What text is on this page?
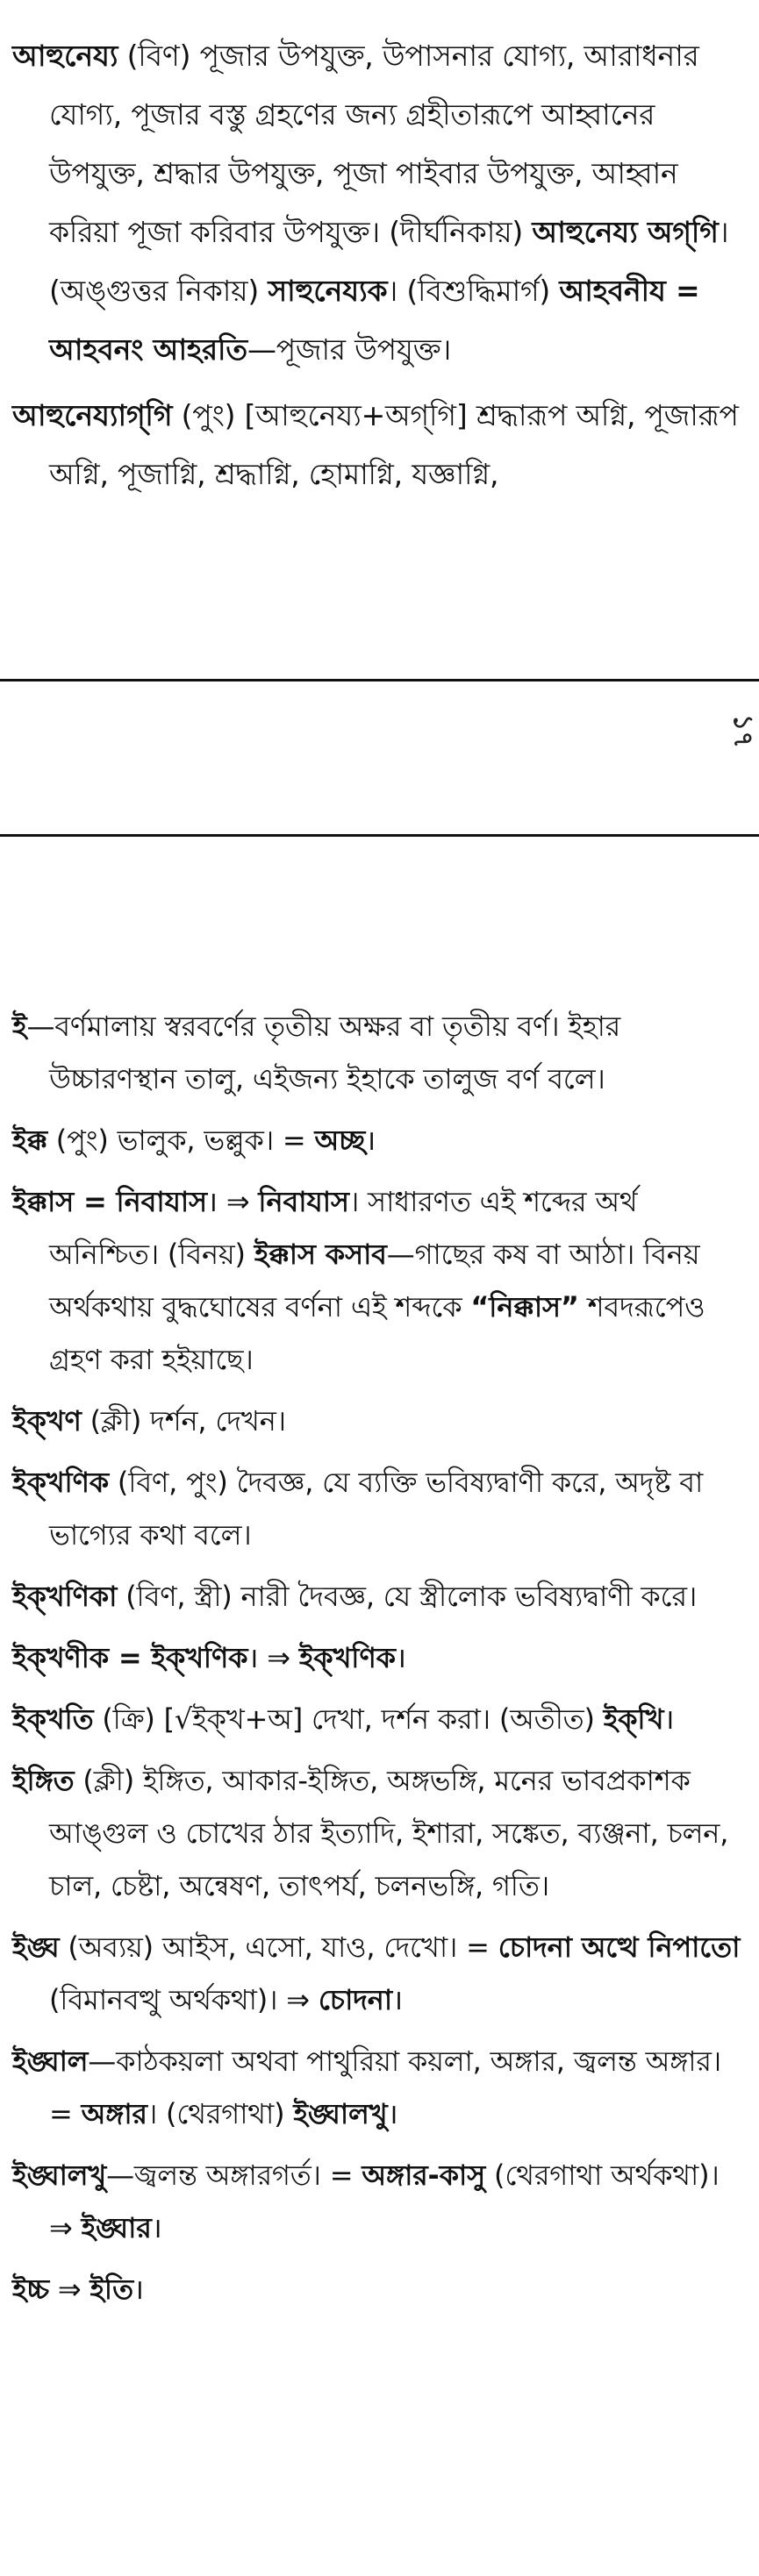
আহুনেয্য (বিণ) পূজার উপযুক্ত, উপাসনার যোগ্য, আরাধনার যোগ্য, পূজার বস্তু গ্রহণের জন্য গ্রহীতারূপে আহ্বানের উপযুক্ত, শ্রদ্ধার উপযুক্ত, পূজা পাইবার উপযুক্ত, আহ্বান করিয়া পূজা করিবার উপযুক্ত। (দীর্ঘনিকায়) আহুনেয্য অগ্‌গি। (অঙ্গুত্তর নিকায়) সাহুনেয্যক। (বিশুদ্ধিমার্গ) আহবনীয = আহবনং আহরতি—পূজার উপযুক্ত।
আহুনেয্যাগ্‌গি (পুং) [আহুনেয্য+অগ্‌গি] শ্রদ্ধারূপ অগ্নি, পূজারূপ অগ্নি, পূজাগ্নি, শ্রদ্ধাগ্নি, হোমাগ্নি, যজ্ঞাগ্নি,
১৭
ই—বর্ণমালায় স্বরবর্ণের তৃতীয় অক্ষর বা তৃতীয় বর্ণ। ইহার উচ্চারণস্থান তালু, এইজন্য ইহাকে তালুজ বর্ণ বলে।
ইক্ক (পুং) ভালুক, ভল্লুক। = অচ্ছ।
ইক্কাস = নিবাযাস। ⇒ নিবাযাস। সাধারণত এই শব্দের অর্থ অনিশ্চিত। (বিনয়) ইক্কাস কসাব—গাছের কষ বা আঠা। বিনয় অর্থকথায় বুদ্ধঘোষের বর্ণনা এই শব্দকে “নিক্কাস” শবদরূপেও গ্রহণ করা হইয়াছে।
ইক্‌খণ (ক্লী) দর্শন, দেখন।
ইক্‌খণিক (বিণ, পুং) দৈবজ্ঞ, যে ব্যক্তি ভবিষ্যদ্বাণী করে, অদৃষ্ট বা ভাগ্যের কথা বলে।
ইক্‌খণিকা (বিণ, স্ত্রী) নারী দৈবজ্ঞ, যে স্ত্রীলোক ভবিষ্যদ্বাণী করে।
ইক্‌খণীক = ইক্‌খণিক। ⇒ ইক্‌খণিক।
ইক্‌খতি (ক্রি) [√ইক্‌খ+অ] দেখা, দর্শন করা। (অতীত) ইক্‌খি।
ইঙ্গিত (ক্লী) ইঙ্গিত, আকার-ইঙ্গিত, অঙ্গভঙ্গি, মনের ভাবপ্রকাশক আঙ্গুল ও চোখের ঠার ইত্যাদি, ইশারা, সঙ্কেত, ব্যঞ্জনা, চলন, চাল, চেষ্টা, অন্বেষণ, তাৎপর্য, চলনভঙ্গি, গতি।
ইঙ্ঘ (অব্যয়) আইস, এসো, যাও, দেখো। = চোদনা অত্থে নিপাতো (বিমানবত্থু অর্থকথা)। ⇒ চোদনা।
ইঙ্ঘাল—কাঠকয়লা অথবা পাথুরিয়া কয়লা, অঙ্গার, জ্বলন্ত অঙ্গার। = অঙ্গার। (থেরগাথা) ইঙ্ঘালখু।
ইঙ্ঘালখু—জ্বলন্ত অঙ্গারগর্ত। = অঙ্গার-কাসু (থেরগাথা অর্থকথা)। ⇒ ইঙ্ঘার।
ইচ্চ ⇒ ইতি।
